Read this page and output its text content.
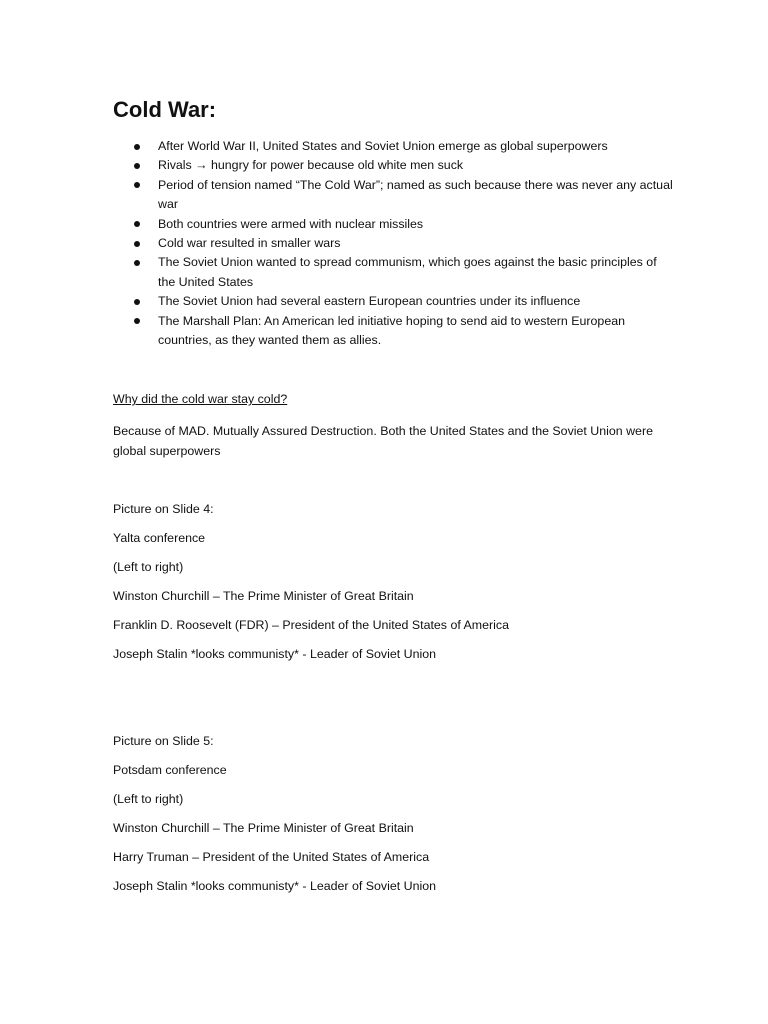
Cold War:
After World War II, United States and Soviet Union emerge as global superpowers
Rivals → hungry for power because old white men suck
Period of tension named “The Cold War”; named as such because there was never any actual war
Both countries were armed with nuclear missiles
Cold war resulted in smaller wars
The Soviet Union wanted to spread communism, which goes against the basic principles of the United States
The Soviet Union had several eastern European countries under its influence
The Marshall Plan: An American led initiative hoping to send aid to western European countries, as they wanted them as allies.

Why did the cold war stay cold?

Because of MAD. Mutually Assured Destruction. Both the United States and the Soviet Union were global superpowers

Picture on Slide 4:

Yalta conference

(Left to right)

Winston Churchill – The Prime Minister of Great Britain

Franklin D. Roosevelt (FDR) – President of the United States of America

Joseph Stalin *looks communisty* - Leader of Soviet Union

Picture on Slide 5:

Potsdam conference

(Left to right)

Winston Churchill – The Prime Minister of Great Britain

Harry Truman – President of the United States of America

Joseph Stalin *looks communisty* - Leader of Soviet Union
